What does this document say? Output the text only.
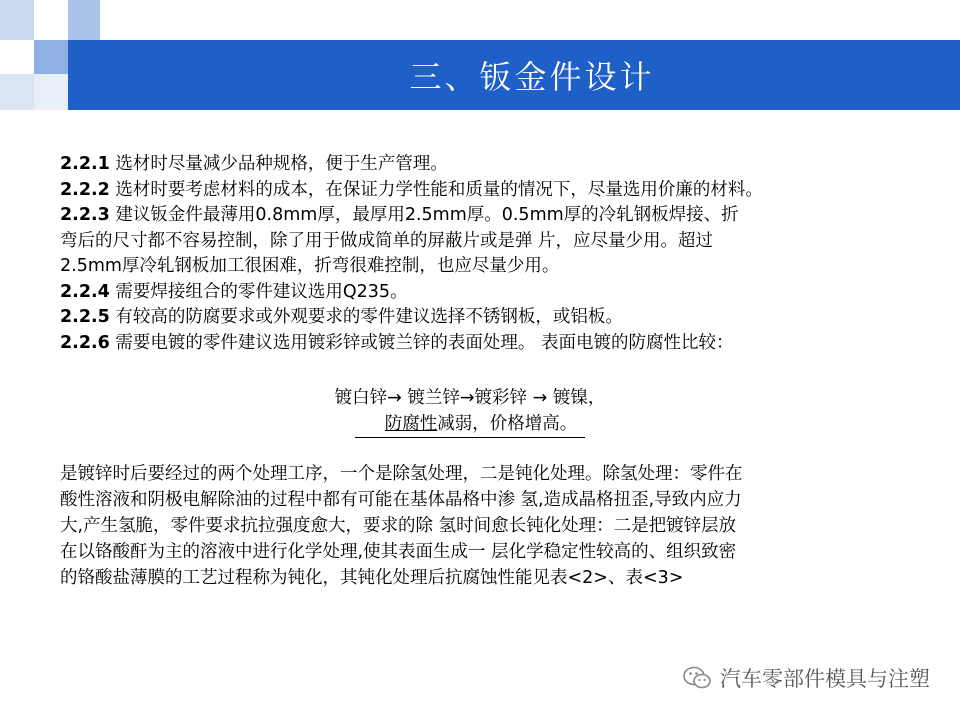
三、钣金件设计

2.2.1 选材时尽量减少品种规格，便于生产管理。

2.2.2 选材时要考虑材料的成本，在保证力学性能和质量的情况下，尽量选用价廉的材料。

2.2.3 建议钣金件最薄用0.8mm厚，最厚用2.5mm厚。0.5mm厚的冷轧钢板焊接、折

弯后的尺寸都不容易控制，除了用于做成简单的屏蔽片或是弹 片，应尽量少用。超过

2.5mm厚冷轧钢板加工很困难，折弯很难控制，也应尽量少用。

2.2.4 需要焊接组合的零件建议选用Q235。

2.2.5 有较高的防腐要求或外观要求的零件建议选择不锈钢板，或铝板。

2.2.6 需要电镀的零件建议选用镀彩锌或镀兰锌的表面处理。 表面电镀的防腐性比较：

镀白锌→ 镀兰锌→镀彩锌 → 镀镍，
防腐性减弱，价格增高。

是镀锌时后要经过的两个处理工序，一个是除氢处理，二是钝化处理。除氢处理：零件在

酸性溶液和阴极电解除油的过程中都有可能在基体晶格中渗 氢,造成晶格扭歪,导致内应力

大,产生氢脆，零件要求抗拉强度愈大，要求的除 氢时间愈长钝化处理：二是把镀锌层放

在以铬酸酐为主的溶液中进行化学处理,使其表面生成一 层化学稳定性较高的、组织致密

的铬酸盐薄膜的工艺过程称为钝化，其钝化处理后抗腐蚀性能见表<2>、表<3>

汽车零部件模具与注塑
